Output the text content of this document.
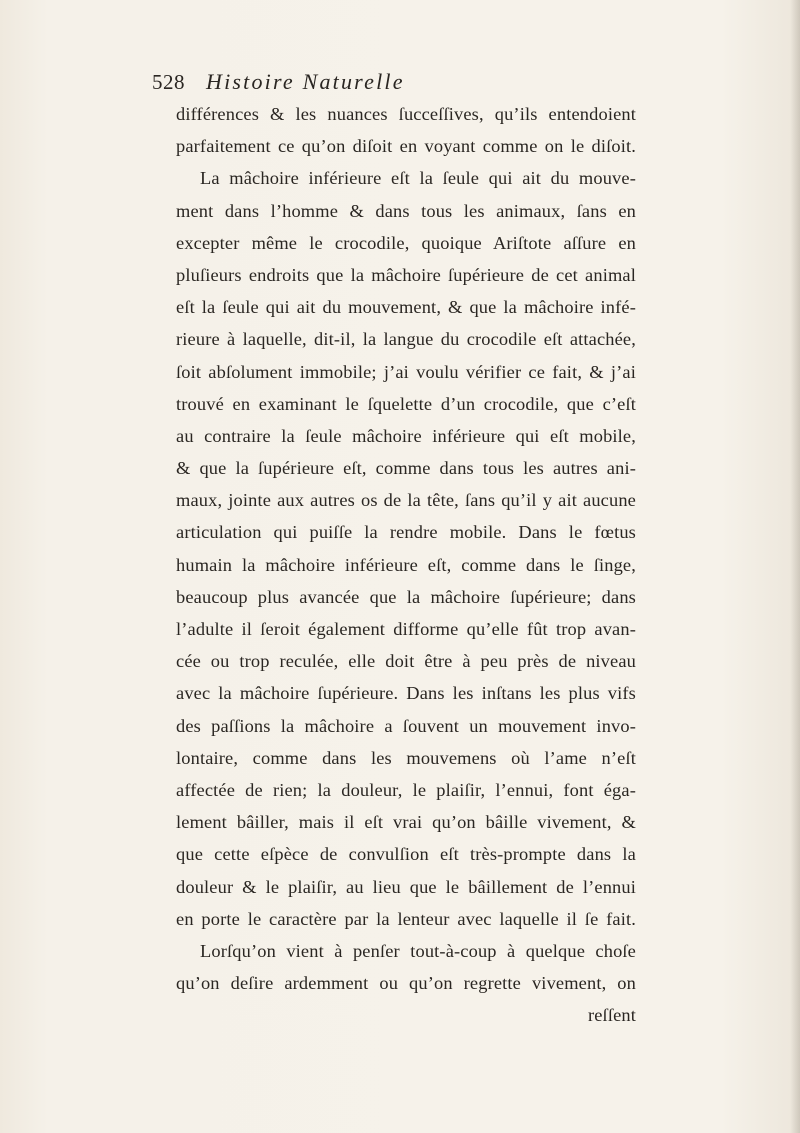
528 Histoire Naturelle
différences & les nuances ſucceſſives, qu’ils entendoient
parfaitement ce qu’on diſoit en voyant comme on le diſoit.
La mâchoire inférieure eſt la ſeule qui ait du mouve-
ment dans l’homme & dans tous les animaux, ſans en
excepter même le crocodile, quoique Ariſtote aſſure en
pluſieurs endroits que la mâchoire ſupérieure de cet animal
eſt la ſeule qui ait du mouvement, & que la mâchoire infé-
rieure à laquelle, dit-il, la langue du crocodile eſt attachée,
ſoit abſolument immobile; j’ai voulu vérifier ce fait, & j’ai
trouvé en examinant le ſquelette d’un crocodile, que c’eſt
au contraire la ſeule mâchoire inférieure qui eſt mobile,
& que la ſupérieure eſt, comme dans tous les autres ani-
maux, jointe aux autres os de la tête, ſans qu’il y ait aucune
articulation qui puiſſe la rendre mobile. Dans le fœtus
humain la mâchoire inférieure eſt, comme dans le ſinge,
beaucoup plus avancée que la mâchoire ſupérieure; dans
l’adulte il ſeroit également difforme qu’elle fût trop avan-
cée ou trop reculée, elle doit être à peu près de niveau
avec la mâchoire ſupérieure. Dans les inſtans les plus vifs
des paſſions la mâchoire a ſouvent un mouvement invo-
lontaire, comme dans les mouvemens où l’ame n’eſt
affectée de rien; la douleur, le plaiſir, l’ennui, font éga-
lement bâiller, mais il eſt vrai qu’on bâille vivement, &
que cette eſpèce de convulſion eſt très-prompte dans la
douleur & le plaiſir, au lieu que le bâillement de l’ennui
en porte le caractère par la lenteur avec laquelle il ſe fait.
Lorſqu’on vient à penſer tout-à-coup à quelque choſe
qu’on deſire ardemment ou qu’on regrette vivement, on
reſſent
